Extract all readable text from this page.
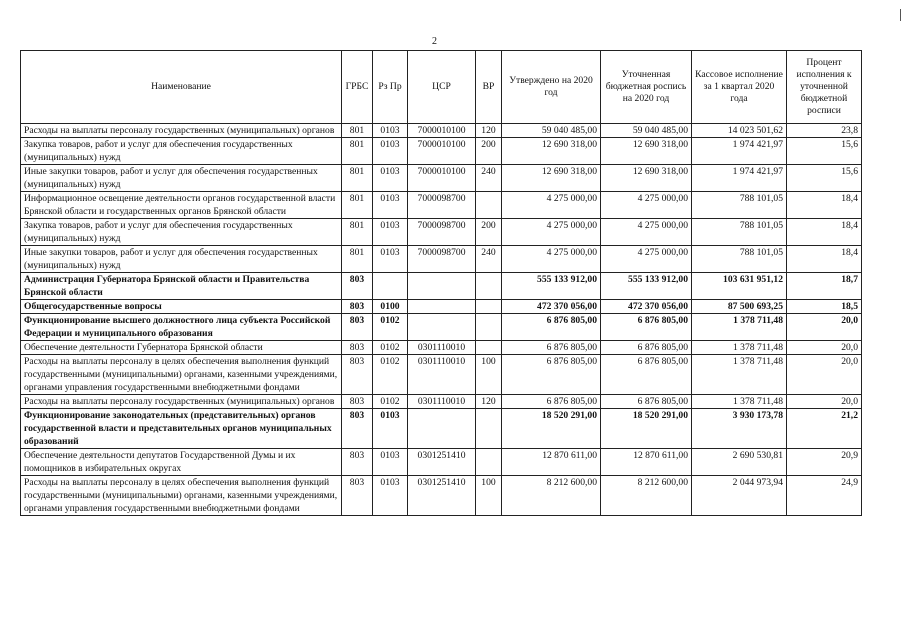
2
Наименование	ГРБС	Рз Пр	ЦСР	ВР	Утверждено на 2020 год	Уточненная бюджетная роспись на 2020 год	Кассовое исполнение за 1 квартал 2020 года	Процент исполнения к уточненной бюджетной росписи
Расходы на выплаты персоналу государственных (муниципальных) органов	801	0103	7000010100	120	59 040 485,00	59 040 485,00	14 023 501,62	23,8
Закупка товаров, работ и услуг для обеспечения государственных (муниципальных) нужд	801	0103	7000010100	200	12 690 318,00	12 690 318,00	1 974 421,97	15,6
Иные закупки товаров, работ и услуг для обеспечения государственных (муниципальных) нужд	801	0103	7000010100	240	12 690 318,00	12 690 318,00	1 974 421,97	15,6
Информационное освещение деятельности органов государственной власти Брянской области и государственных органов Брянской области	801	0103	7000098700		4 275 000,00	4 275 000,00	788 101,05	18,4
Закупка товаров, работ и услуг для обеспечения государственных (муниципальных) нужд	801	0103	7000098700	200	4 275 000,00	4 275 000,00	788 101,05	18,4
Иные закупки товаров, работ и услуг для обеспечения государственных (муниципальных) нужд	801	0103	7000098700	240	4 275 000,00	4 275 000,00	788 101,05	18,4
Администрация Губернатора Брянской области и Правительства Брянской области	803				555 133 912,00	555 133 912,00	103 631 951,12	18,7
Общегосударственные вопросы	803	0100			472 370 056,00	472 370 056,00	87 500 693,25	18,5
Функционирование высшего должностного лица субъекта Российской Федерации и муниципального образования	803	0102			6 876 805,00	6 876 805,00	1 378 711,48	20,0
Обеспечение деятельности Губернатора Брянской области	803	0102	0301110010		6 876 805,00	6 876 805,00	1 378 711,48	20,0
Расходы на выплаты персоналу в целях обеспечения выполнения функций государственными (муниципальными) органами, казенными учреждениями, органами управления государственными внебюджетными фондами	803	0102	0301110010	100	6 876 805,00	6 876 805,00	1 378 711,48	20,0
Расходы на выплаты персоналу государственных (муниципальных) органов	803	0102	0301110010	120	6 876 805,00	6 876 805,00	1 378 711,48	20,0
Функционирование законодательных (представительных) органов государственной власти и представительных органов муниципальных образований	803	0103			18 520 291,00	18 520 291,00	3 930 173,78	21,2
Обеспечение деятельности депутатов Государственной Думы и их помощников в избирательных округах	803	0103	0301251410		12 870 611,00	12 870 611,00	2 690 530,81	20,9
Расходы на выплаты персоналу в целях обеспечения выполнения функций государственными (муниципальными) органами, казенными учреждениями, органами управления государственными внебюджетными фондами	803	0103	0301251410	100	8 212 600,00	8 212 600,00	2 044 973,94	24,9
